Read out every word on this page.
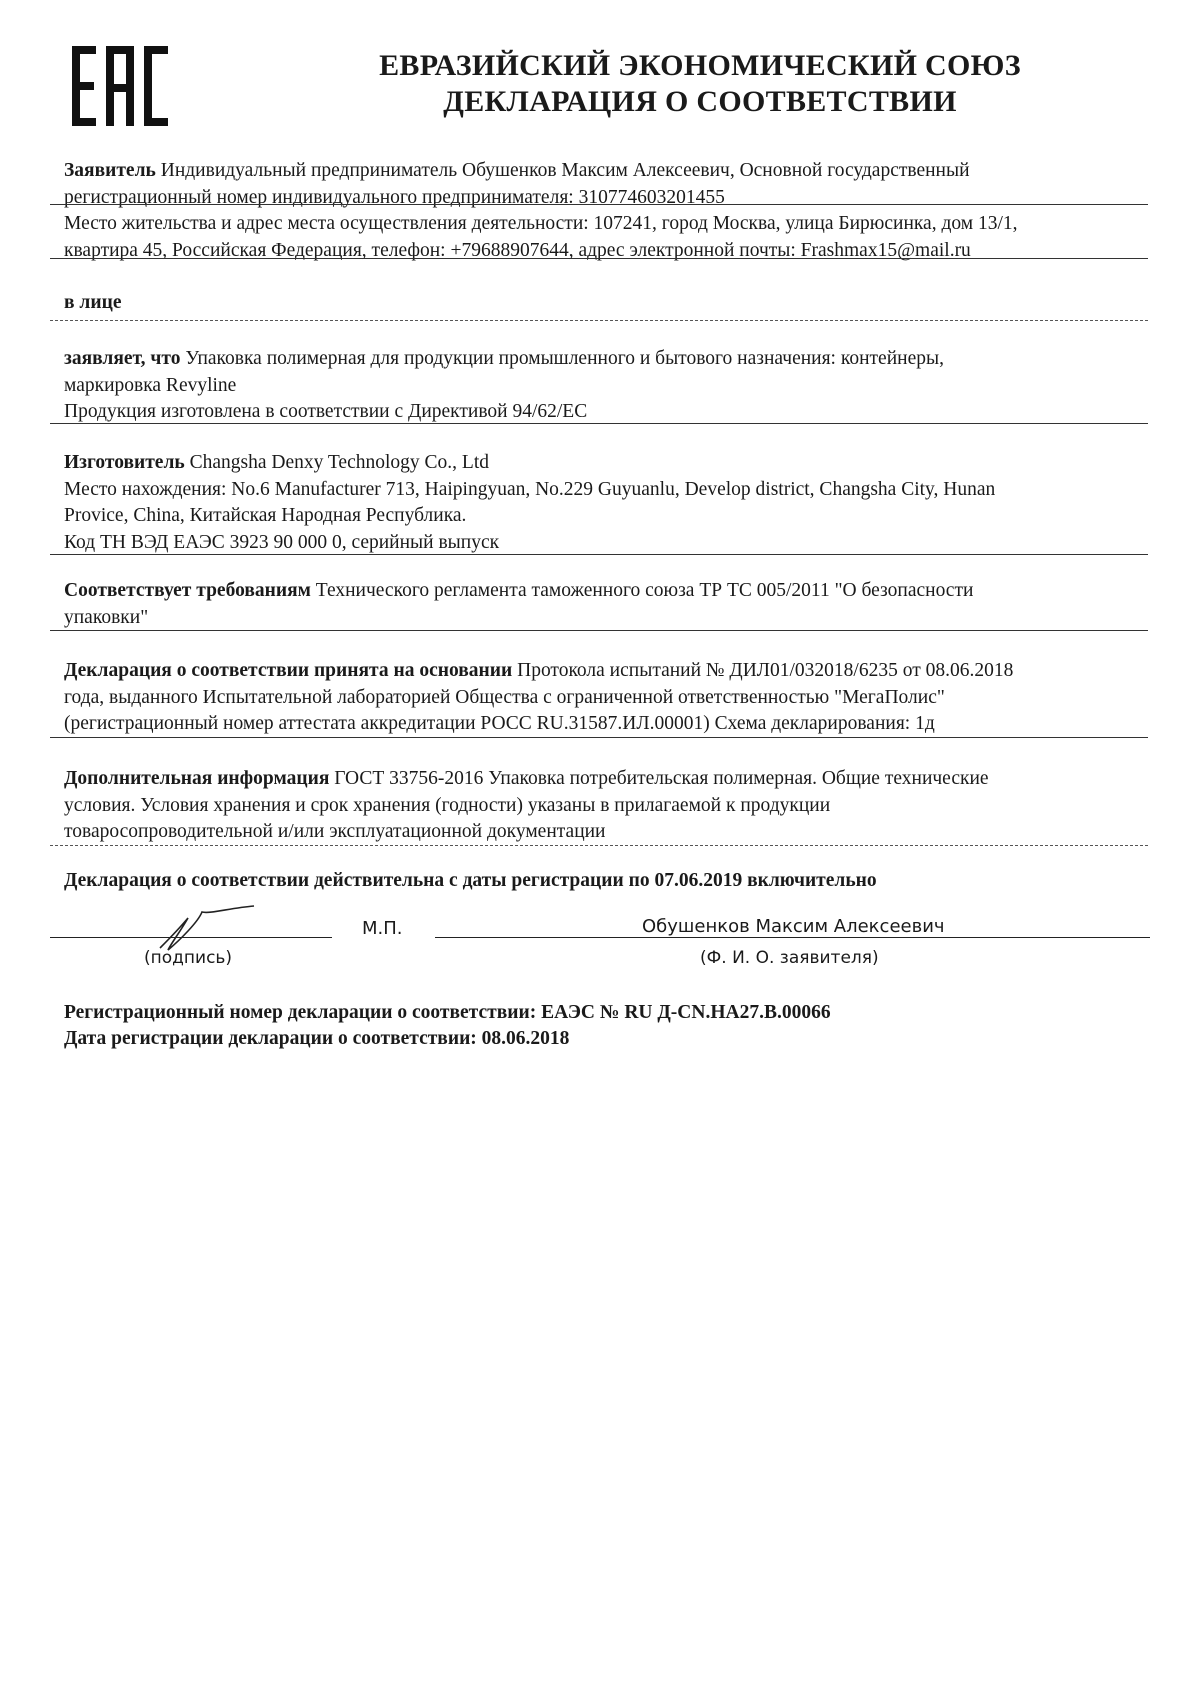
ЕВРАЗИЙСКИЙ ЭКОНОМИЧЕСКИЙ СОЮЗ
ДЕКЛАРАЦИЯ О СООТВЕТСТВИИ
Заявитель Индивидуальный предприниматель Обушенков Максим Алексеевич, Основной государственный
регистрационный номер индивидуального предпринимателя: 310774603201455
Место жительства и адрес места осуществления деятельности: 107241, город Москва, улица Бирюсинка, дом 13/1,
квартира 45, Российская Федерация, телефон: +79688907644, адрес электронной почты: Frashmax15@mail.ru
в лице
заявляет, что Упаковка полимерная для продукции промышленного и бытового назначения: контейнеры,
маркировка Revyline
Продукция изготовлена в соответствии с Директивой 94/62/ЕС
Изготовитель Changsha Denxy Technology Co., Ltd
Место нахождения: No.6 Manufacturer 713, Haipingyuan, No.229 Guyuanlu, Develop district, Changsha City, Hunan
Provice, China, Китайская Народная Республика.
Код ТН ВЭД ЕАЭС 3923 90 000 0, серийный выпуск
Соответствует требованиям Технического регламента таможенного союза ТР ТС 005/2011 "О безопасности
упаковки"
Декларация о соответствии принята на основании Протокола испытаний № ДИЛ01/032018/6235 от 08.06.2018
года, выданного Испытательной лабораторией Общества с ограниченной ответственностью "МегаПолис"
(регистрационный номер аттестата аккредитации РОСС RU.31587.ИЛ.00001) Схема декларирования: 1д
Дополнительная информация ГОСТ 33756-2016 Упаковка потребительская полимерная. Общие технические
условия. Условия хранения и срок хранения (годности) указаны в прилагаемой к продукции
товаросопроводительной и/или эксплуатационной документации
Декларация о соответствии действительна с даты регистрации по 07.06.2019 включительно
(подпись)
М.П.	Обушенков Максим Алексеевич
(Ф. И. О. заявителя)
Регистрационный номер декларации о соответствии: ЕАЭС № RU Д-CN.НА27.В.00066
Дата регистрации декларации о соответствии: 08.06.2018
